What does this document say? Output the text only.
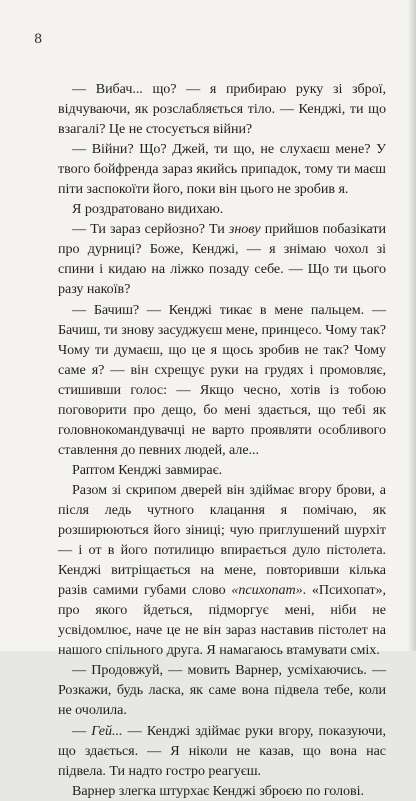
8

— Вибач... що? — я прибираю руку зі зброї, відчуваючи, як розслабляється тіло. — Кенджі, ти що взагалі? Це не стосується війни?

— Війни? Що? Джей, ти що, не слухаєш мене? У твого бойфренда зараз якийсь припадок, тому ти маєш піти заспокоїти його, поки він цього не зробив я.

Я роздратовано видихаю.

— Ти зараз серйозно? Ти знову прийшов побазікати про дурниці? Боже, Кенджі, — я знімаю чохол зі спини і кидаю на ліжко позаду себе. — Що ти цього разу накоїв?

— Бачиш? — Кенджі тикає в мене пальцем. — Бачиш, ти знову засуджуєш мене, принцесо. Чому так? Чому ти думаєш, що це я щось зробив не так? Чому саме я? — він схрещує руки на грудях і промовляє, стишивши голос: — Якщо чесно, хотів із тобою поговорити про дещо, бо мені здається, що тебі як головнокомандувачці не варто проявляти особливого ставлення до певних людей, але...

Раптом Кенджі завмирає.

Разом зі скрипом дверей він здіймає вгору брови, а після ледь чутного клацання я помічаю, як розширюються його зіниці; чую приглушений шурхіт — і от в його потилицю впирається дуло пістолета. Кенджі витріщається на мене, повторивши кілька разів самими губами слово «психопат». «Психопат», про якого йдеться, підморгує мені, ніби не усвідомлює, наче це не він зараз наставив пістолет на нашого спільного друга. Я намагаюсь втамувати сміх.

— Продовжуй, — мовить Варнер, усміхаючись. — Розкажи, будь ласка, як саме вона підвела тебе, коли не очолила.

— Гей... — Кенджі здіймає руки вгору, показуючи, що здається. — Я ніколи не казав, що вона нас підвела. Ти надто гостро реагуєш.

Варнер злегка штурхає Кенджі зброєю по голові.
